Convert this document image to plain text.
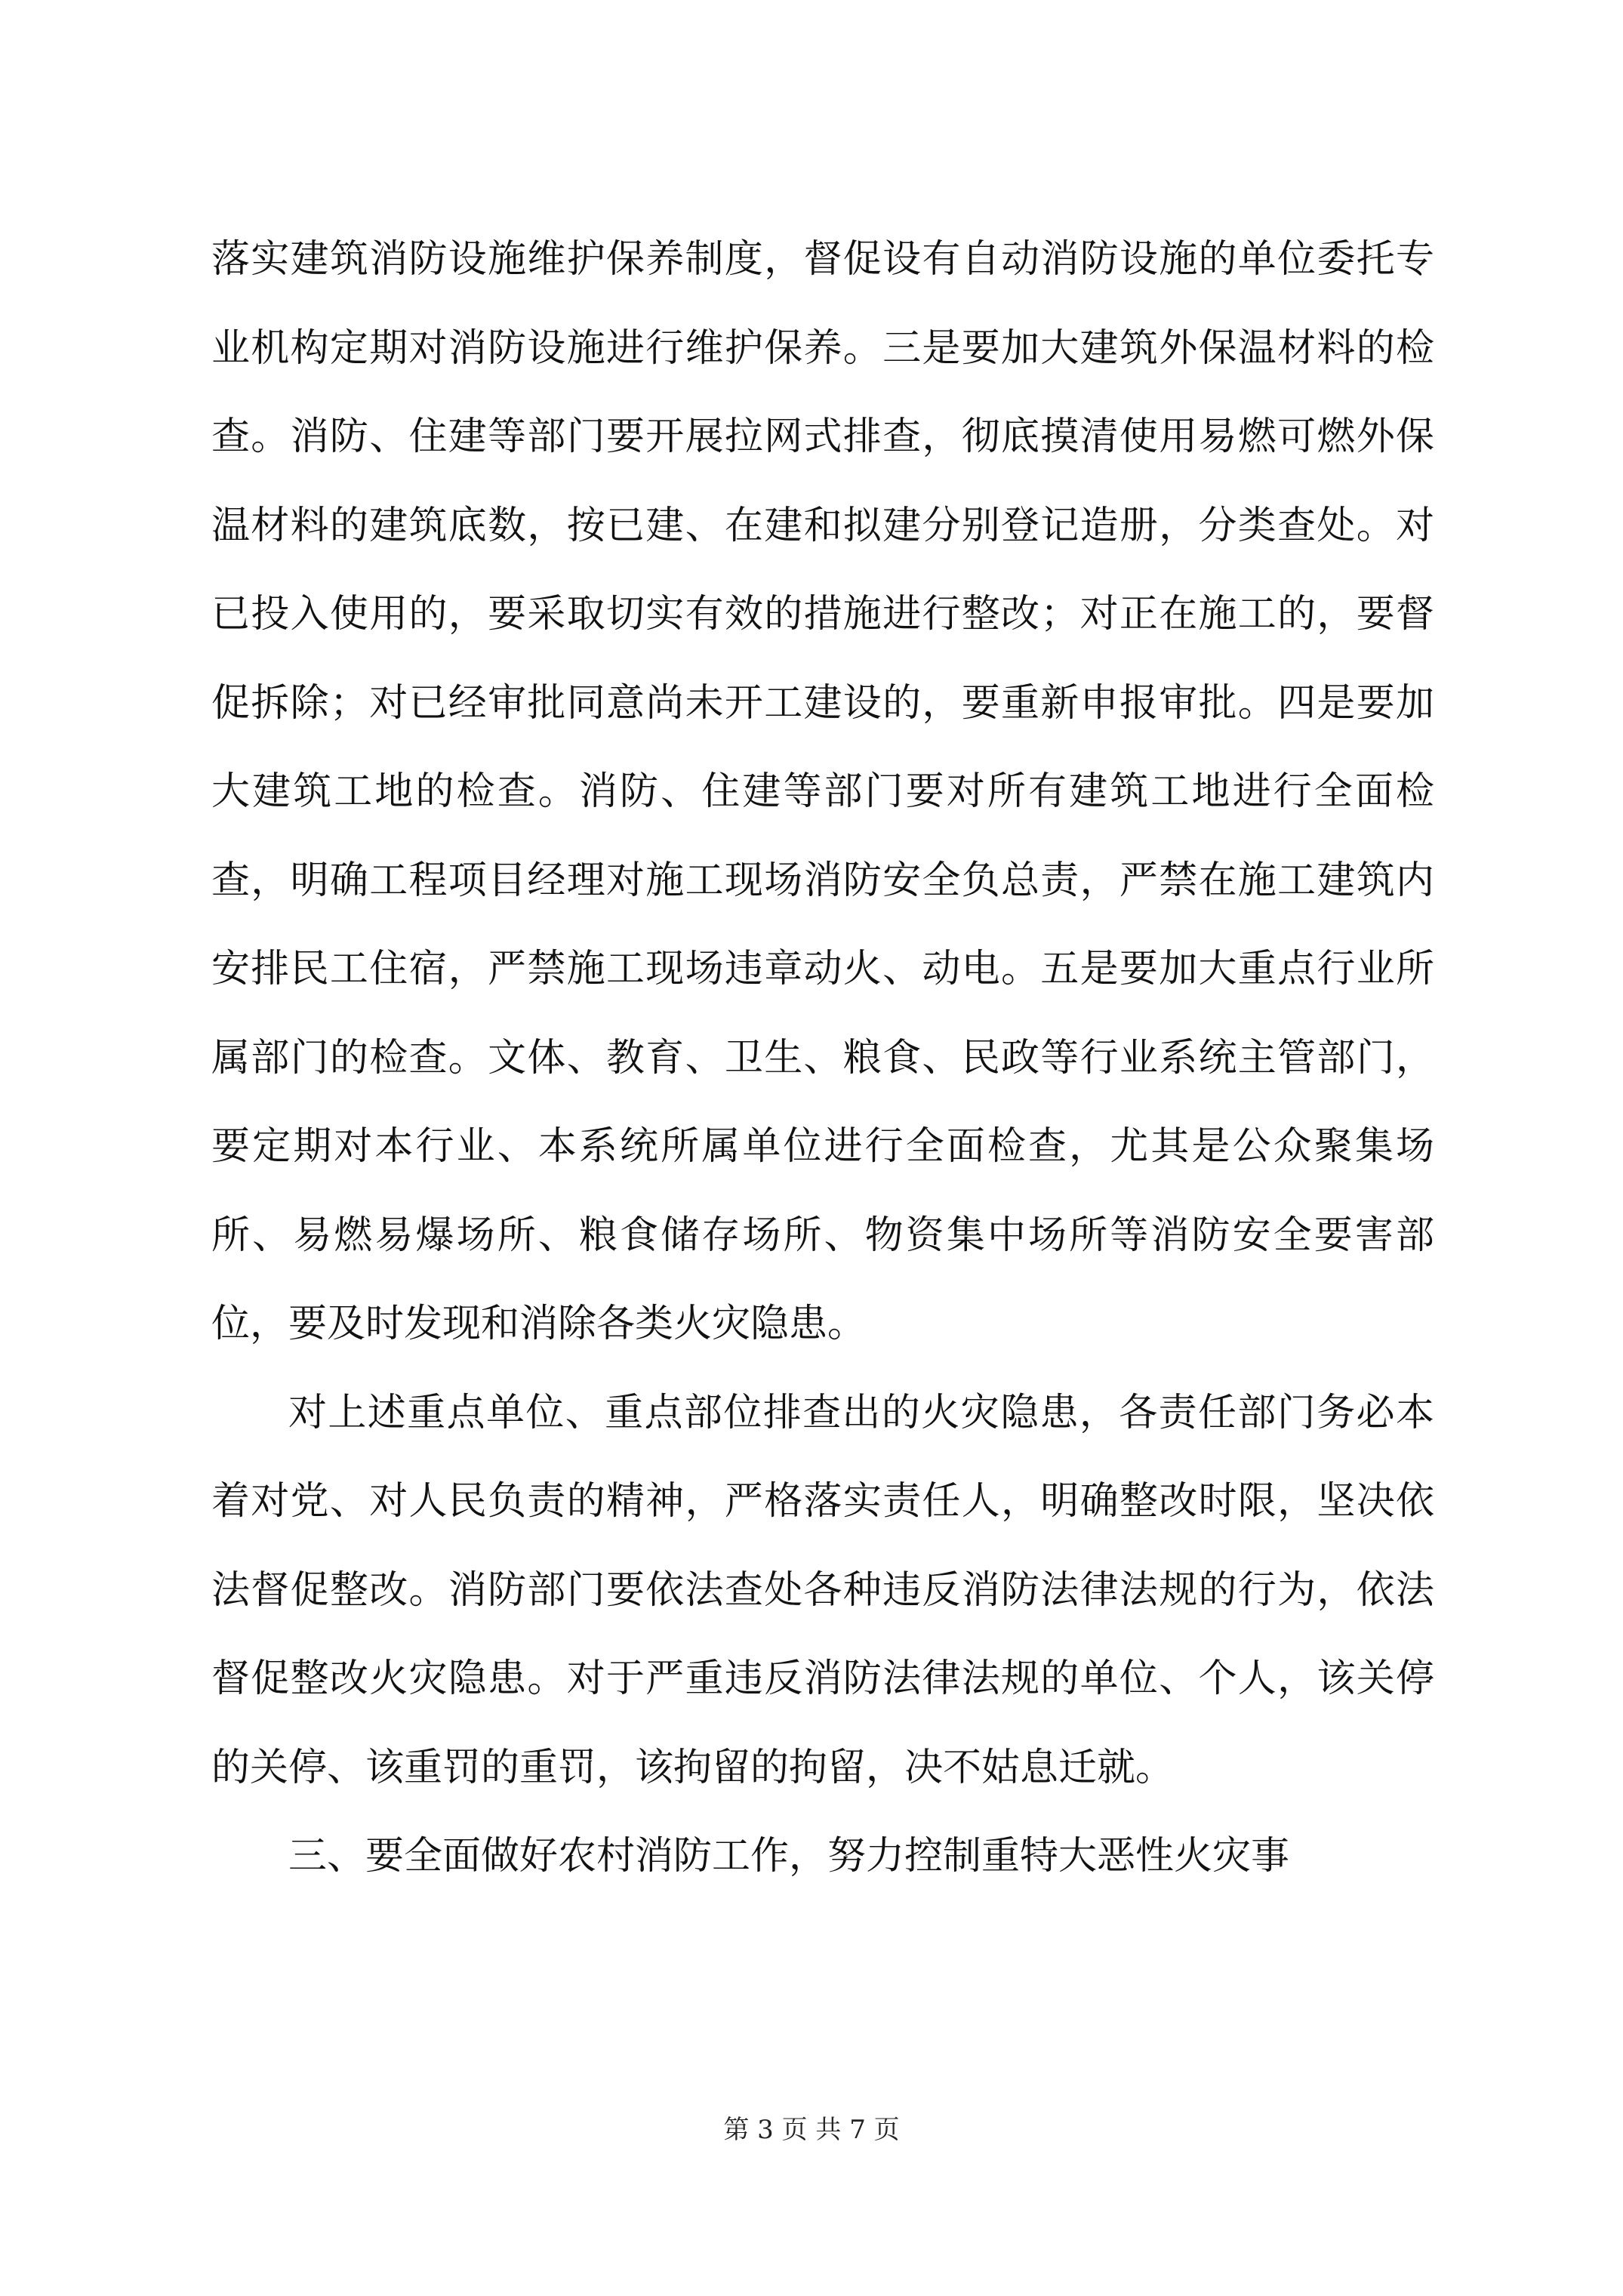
落实建筑消防设施维护保养制度，督促设有自动消防设施的单位委托专业机构定期对消防设施进行维护保养。三是要加大建筑外保温材料的检查。消防、住建等部门要开展拉网式排查，彻底摸清使用易燃可燃外保温材料的建筑底数，按已建、在建和拟建分别登记造册，分类查处。对已投入使用的，要采取切实有效的措施进行整改；对正在施工的，要督促拆除；对已经审批同意尚未开工建设的，要重新申报审批。四是要加大建筑工地的检查。消防、住建等部门要对所有建筑工地进行全面检查，明确工程项目经理对施工现场消防安全负总责，严禁在施工建筑内安排民工住宿，严禁施工现场违章动火、动电。五是要加大重点行业所属部门的检查。文体、教育、卫生、粮食、民政等行业系统主管部门，要定期对本行业、本系统所属单位进行全面检查，尤其是公众聚集场所、易燃易爆场所、粮食储存场所、物资集中场所等消防安全要害部位，要及时发现和消除各类火灾隐患。

对上述重点单位、重点部位排查出的火灾隐患，各责任部门务必本着对党、对人民负责的精神，严格落实责任人，明确整改时限，坚决依法督促整改。消防部门要依法查处各种违反消防法律法规的行为，依法督促整改火灾隐患。对于严重违反消防法律法规的单位、个人，该关停的关停、该重罚的重罚，该拘留的拘留，决不姑息迁就。

三、要全面做好农村消防工作，努力控制重特大恶性火灾事

第 3 页 共 7 页
